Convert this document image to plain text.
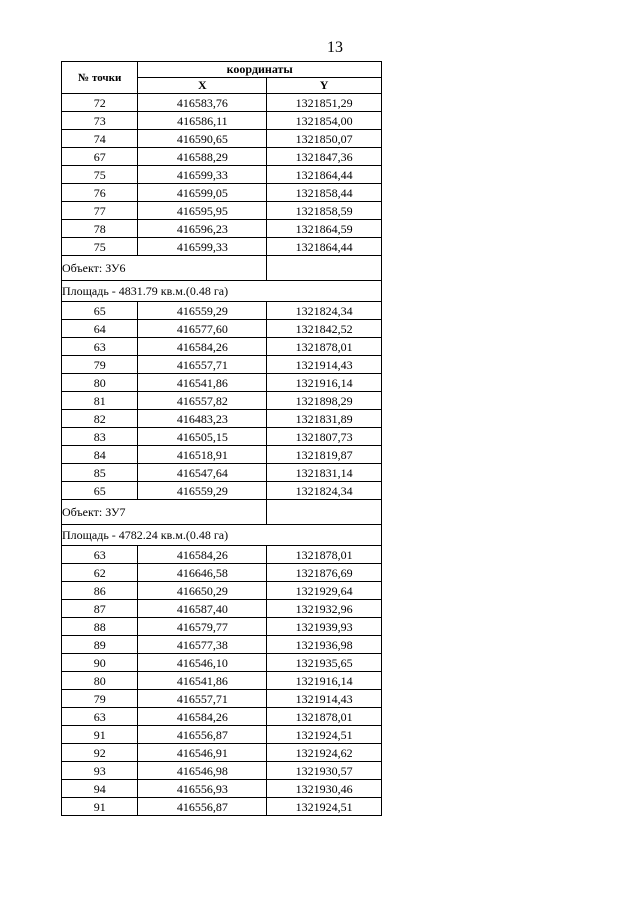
13
№ точки	координаты	
	X	Y
72	416583,76	1321851,29
73	416586,11	1321854,00
74	416590,65	1321850,07
67	416588,29	1321847,36
75	416599,33	1321864,44
76	416599,05	1321858,44
77	416595,95	1321858,59
78	416596,23	1321864,59
75	416599,33	1321864,44
Объект: ЗУ6		
Площадь - 4831.79 кв.м.(0.48 га)		
65	416559,29	1321824,34
64	416577,60	1321842,52
63	416584,26	1321878,01
79	416557,71	1321914,43
80	416541,86	1321916,14
81	416557,82	1321898,29
82	416483,23	1321831,89
83	416505,15	1321807,73
84	416518,91	1321819,87
85	416547,64	1321831,14
65	416559,29	1321824,34
Объект: ЗУ7		
Площадь - 4782.24 кв.м.(0.48 га)		
63	416584,26	1321878,01
62	416646,58	1321876,69
86	416650,29	1321929,64
87	416587,40	1321932,96
88	416579,77	1321939,93
89	416577,38	1321936,98
90	416546,10	1321935,65
80	416541,86	1321916,14
79	416557,71	1321914,43
63	416584,26	1321878,01
91	416556,87	1321924,51
92	416546,91	1321924,62
93	416546,98	1321930,57
94	416556,93	1321930,46
91	416556,87	1321924,51
